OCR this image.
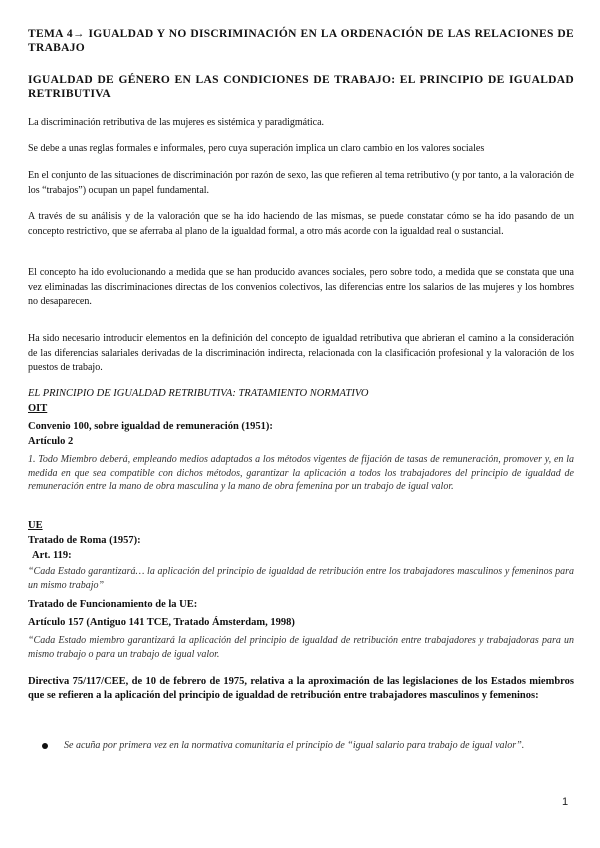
TEMA 4→ IGUALDAD Y NO DISCRIMINACIÓN EN LA ORDENACIÓN DE LAS RELACIONES DE TRABAJO
IGUALDAD DE GÉNERO EN LAS CONDICIONES DE TRABAJO: EL PRINCIPIO DE IGUALDAD RETRIBUTIVA
La discriminación retributiva de las mujeres es sistémica y paradigmática.
Se debe a unas reglas formales e informales, pero cuya superación implica un claro cambio en los valores sociales
En el conjunto de las situaciones de discriminación por razón de sexo, las que refieren al tema retributivo (y por tanto, a la valoración de los “trabajos”) ocupan un papel fundamental.
A través de su análisis y de la valoración que se ha ido haciendo de las mismas, se puede constatar cómo se ha ido pasando de un concepto restrictivo, que se aferraba al plano de la igualdad formal, a otro más acorde con la igualdad real o sustancial.
El concepto ha ido evolucionando a medida que se han producido avances sociales, pero sobre todo, a medida que se constata que una vez eliminadas las discriminaciones directas de los convenios colectivos, las diferencias entre los salarios de las mujeres y los hombres no desaparecen.
Ha sido necesario introducir elementos en la definición del concepto de igualdad retributiva que abrieran el camino a la consideración de las diferencias salariales derivadas de la discriminación indirecta, relacionada con la clasificación profesional y la valoración de los puestos de trabajo.
EL PRINCIPIO DE IGUALDAD RETRIBUTIVA: TRATAMIENTO NORMATIVO
OIT
Convenio 100, sobre igualdad de remuneración (1951):
Artículo 2
1. Todo Miembro deberá, empleando medios adaptados a los métodos vigentes de fijación de tasas de remuneración, promover y, en la medida en que sea compatible con dichos métodos, garantizar la aplicación a todos los trabajadores del principio de igualdad de remuneración entre la mano de obra masculina y la mano de obra femenina por un trabajo de igual valor.
UE
Tratado de Roma (1957):
Art. 119:
“Cada Estado garantizará… la aplicación del principio de igualdad de retribución entre los trabajadores masculinos y femeninos para un mismo trabajo”
Tratado de Funcionamiento de la UE:
Artículo 157 (Antiguo 141 TCE, Tratado Ámsterdam, 1998)
“Cada Estado miembro garantizará la aplicación del principio de igualdad de retribución entre trabajadores y trabajadoras para un mismo trabajo o para un trabajo de igual valor.
Directiva 75/117/CEE, de 10 de febrero de 1975, relativa a la aproximación de las legislaciones de los Estados miembros que se refieren a la aplicación del principio de igualdad de retribución entre trabajadores masculinos y femeninos:
Se acuña por primera vez en la normativa comunitaria el principio de “igual salario para trabajo de igual valor”.
1
